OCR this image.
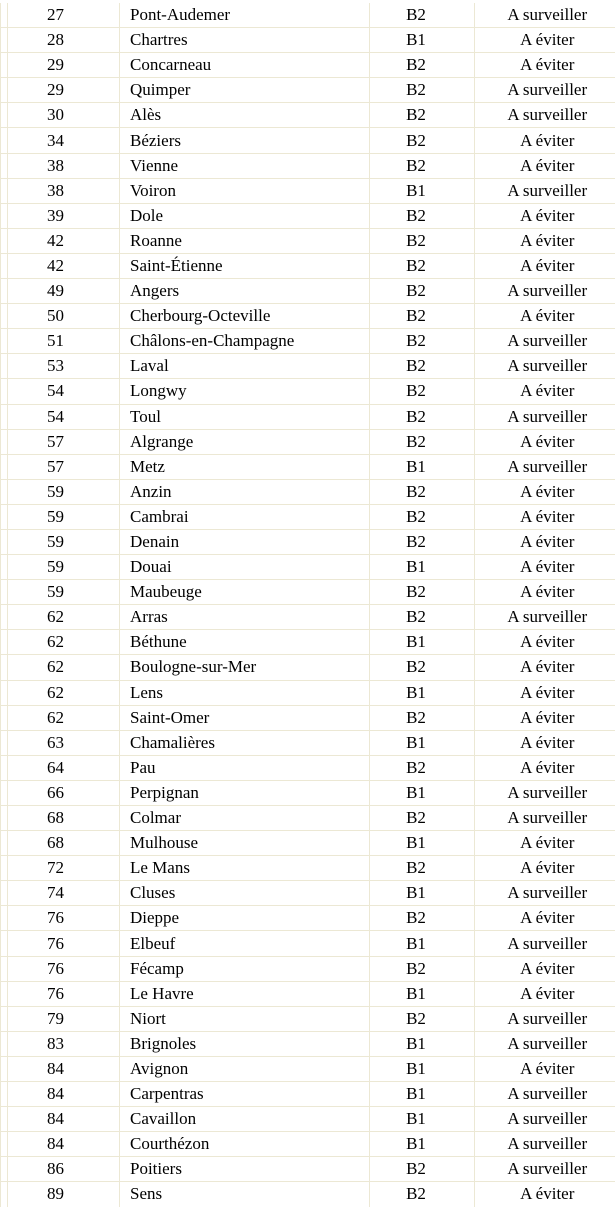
	27	Pont-Audemer	B2	A surveiller
	28	Chartres	B1	A éviter
	29	Concarneau	B2	A éviter
	29	Quimper	B2	A surveiller
	30	Alès	B2	A surveiller
	34	Béziers	B2	A éviter
	38	Vienne	B2	A éviter
	38	Voiron	B1	A surveiller
	39	Dole	B2	A éviter
	42	Roanne	B2	A éviter
	42	Saint-Étienne	B2	A éviter
	49	Angers	B2	A surveiller
	50	Cherbourg-Octeville	B2	A éviter
	51	Châlons-en-Champagne	B2	A surveiller
	53	Laval	B2	A surveiller
	54	Longwy	B2	A éviter
	54	Toul	B2	A surveiller
	57	Algrange	B2	A éviter
	57	Metz	B1	A surveiller
	59	Anzin	B2	A éviter
	59	Cambrai	B2	A éviter
	59	Denain	B2	A éviter
	59	Douai	B1	A éviter
	59	Maubeuge	B2	A éviter
	62	Arras	B2	A surveiller
	62	Béthune	B1	A éviter
	62	Boulogne-sur-Mer	B2	A éviter
	62	Lens	B1	A éviter
	62	Saint-Omer	B2	A éviter
	63	Chamalières	B1	A éviter
	64	Pau	B2	A éviter
	66	Perpignan	B1	A surveiller
	68	Colmar	B2	A surveiller
	68	Mulhouse	B1	A éviter
	72	Le Mans	B2	A éviter
	74	Cluses	B1	A surveiller
	76	Dieppe	B2	A éviter
	76	Elbeuf	B1	A surveiller
	76	Fécamp	B2	A éviter
	76	Le Havre	B1	A éviter
	79	Niort	B2	A surveiller
	83	Brignoles	B1	A surveiller
	84	Avignon	B1	A éviter
	84	Carpentras	B1	A surveiller
	84	Cavaillon	B1	A surveiller
	84	Courthézon	B1	A surveiller
	86	Poitiers	B2	A surveiller
	89	Sens	B2	A éviter
